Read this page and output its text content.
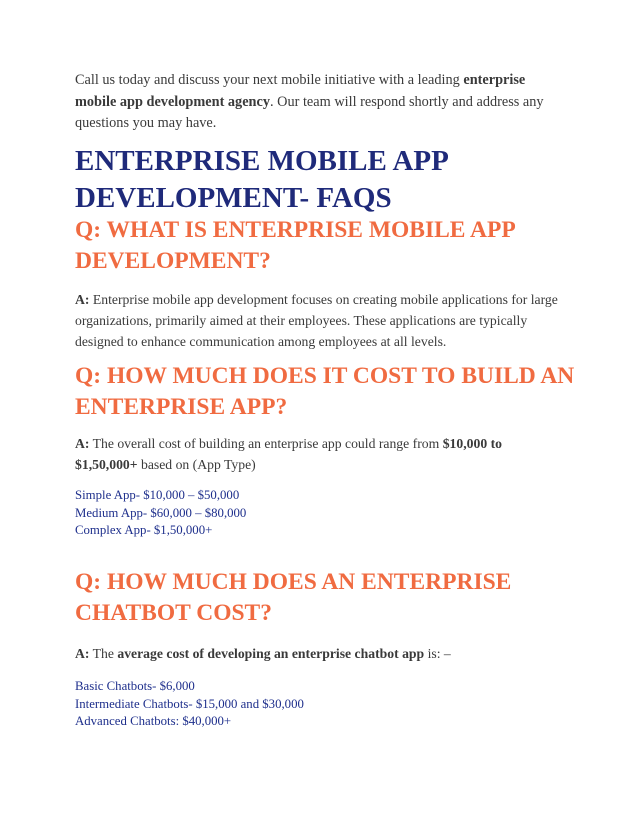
Call us today and discuss your next mobile initiative with a leading enterprise mobile app development agency. Our team will respond shortly and address any questions you may have.

ENTERPRISE MOBILE APP DEVELOPMENT- FAQS
Q: WHAT IS ENTERPRISE MOBILE APP DEVELOPMENT?

A: Enterprise mobile app development focuses on creating mobile applications for large organizations, primarily aimed at their employees. These applications are typically designed to enhance communication among employees at all levels.

Q: HOW MUCH DOES IT COST TO BUILD AN ENTERPRISE APP?

A: The overall cost of building an enterprise app could range from $10,000 to $1,50,000+ based on (App Type)

Simple App- $10,000 – $50,000
Medium App- $60,000 – $80,000
Complex App- $1,50,000+
Q: HOW MUCH DOES AN ENTERPRISE CHATBOT COST?

A: The average cost of developing an enterprise chatbot app is: –

Basic Chatbots- $6,000
Intermediate Chatbots- $15,000 and $30,000
Advanced Chatbots: $40,000+
